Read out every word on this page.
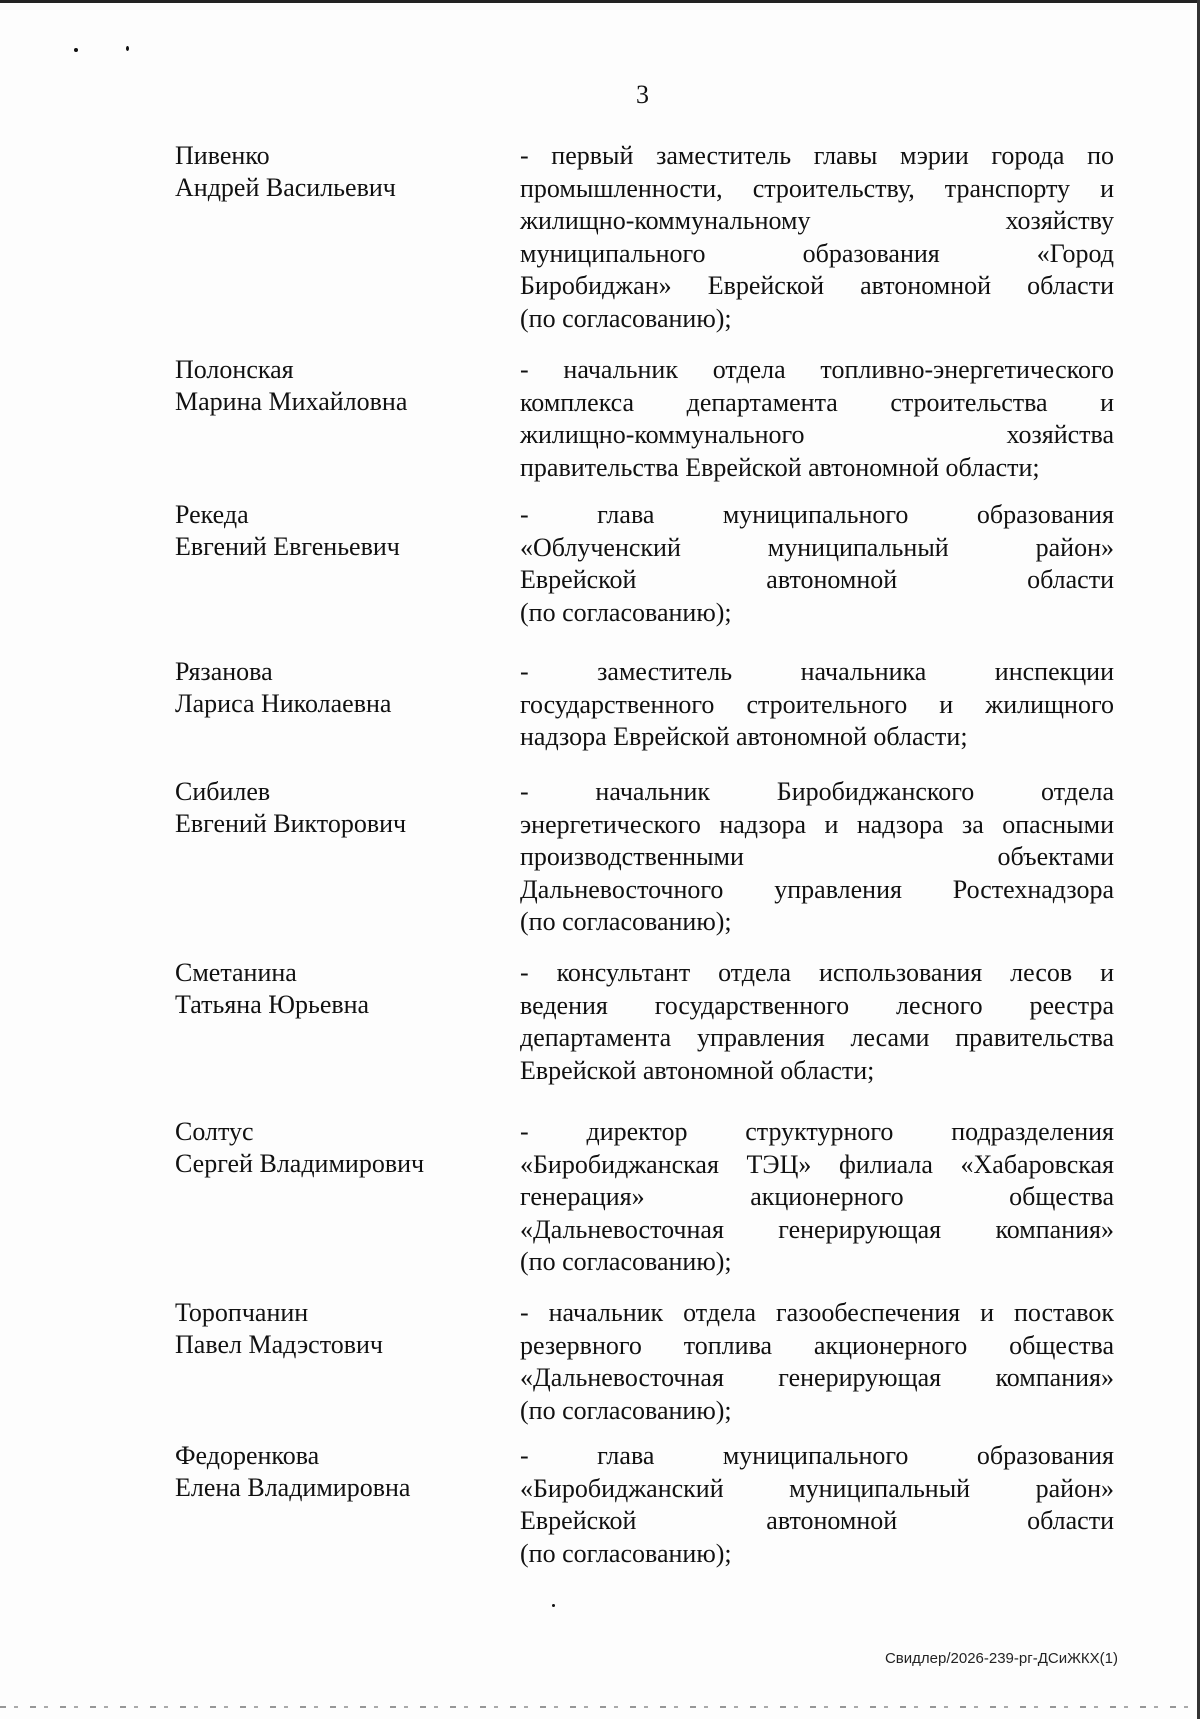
3
Пивенко
Андрей Васильевич
- первый заместитель главы мэрии города по
промышленности, строительству, транспорту и
жилищно-коммунальному хозяйству
муниципального образования «Город
Биробиджан» Еврейской автономной области
(по согласованию);
Полонская
Марина Михайловна
- начальник отдела топливно-энергетического
комплекса департамента строительства и
жилищно-коммунального хозяйства
правительства Еврейской автономной области;
Рекеда
Евгений Евгеньевич
- глава муниципального образования
«Облученский муниципальный район»
Еврейской автономной области
(по согласованию);
Рязанова
Лариса Николаевна
- заместитель начальника инспекции
государственного строительного и жилищного
надзора Еврейской автономной области;
Сибилев
Евгений Викторович
- начальник Биробиджанского отдела
энергетического надзора и надзора за опасными
производственными объектами
Дальневосточного управления Ростехнадзора
(по согласованию);
Сметанина
Татьяна Юрьевна
- консультант отдела использования лесов и
ведения государственного лесного реестра
департамента управления лесами правительства
Еврейской автономной области;
Солтус
Сергей Владимирович
- директор структурного подразделения
«Биробиджанская ТЭЦ» филиала «Хабаровская
генерация» акционерного общества
«Дальневосточная генерирующая компания»
(по согласованию);
Торопчанин
Павел Мадэстович
- начальник отдела газообеспечения и поставок
резервного топлива акционерного общества
«Дальневосточная генерирующая компания»
(по согласованию);
Федоренкова
Елена Владимировна
- глава муниципального образования
«Биробиджанский муниципальный район»
Еврейской автономной области
(по согласованию);
Свидлер/2026-239-рг-ДСиЖКХ(1)
